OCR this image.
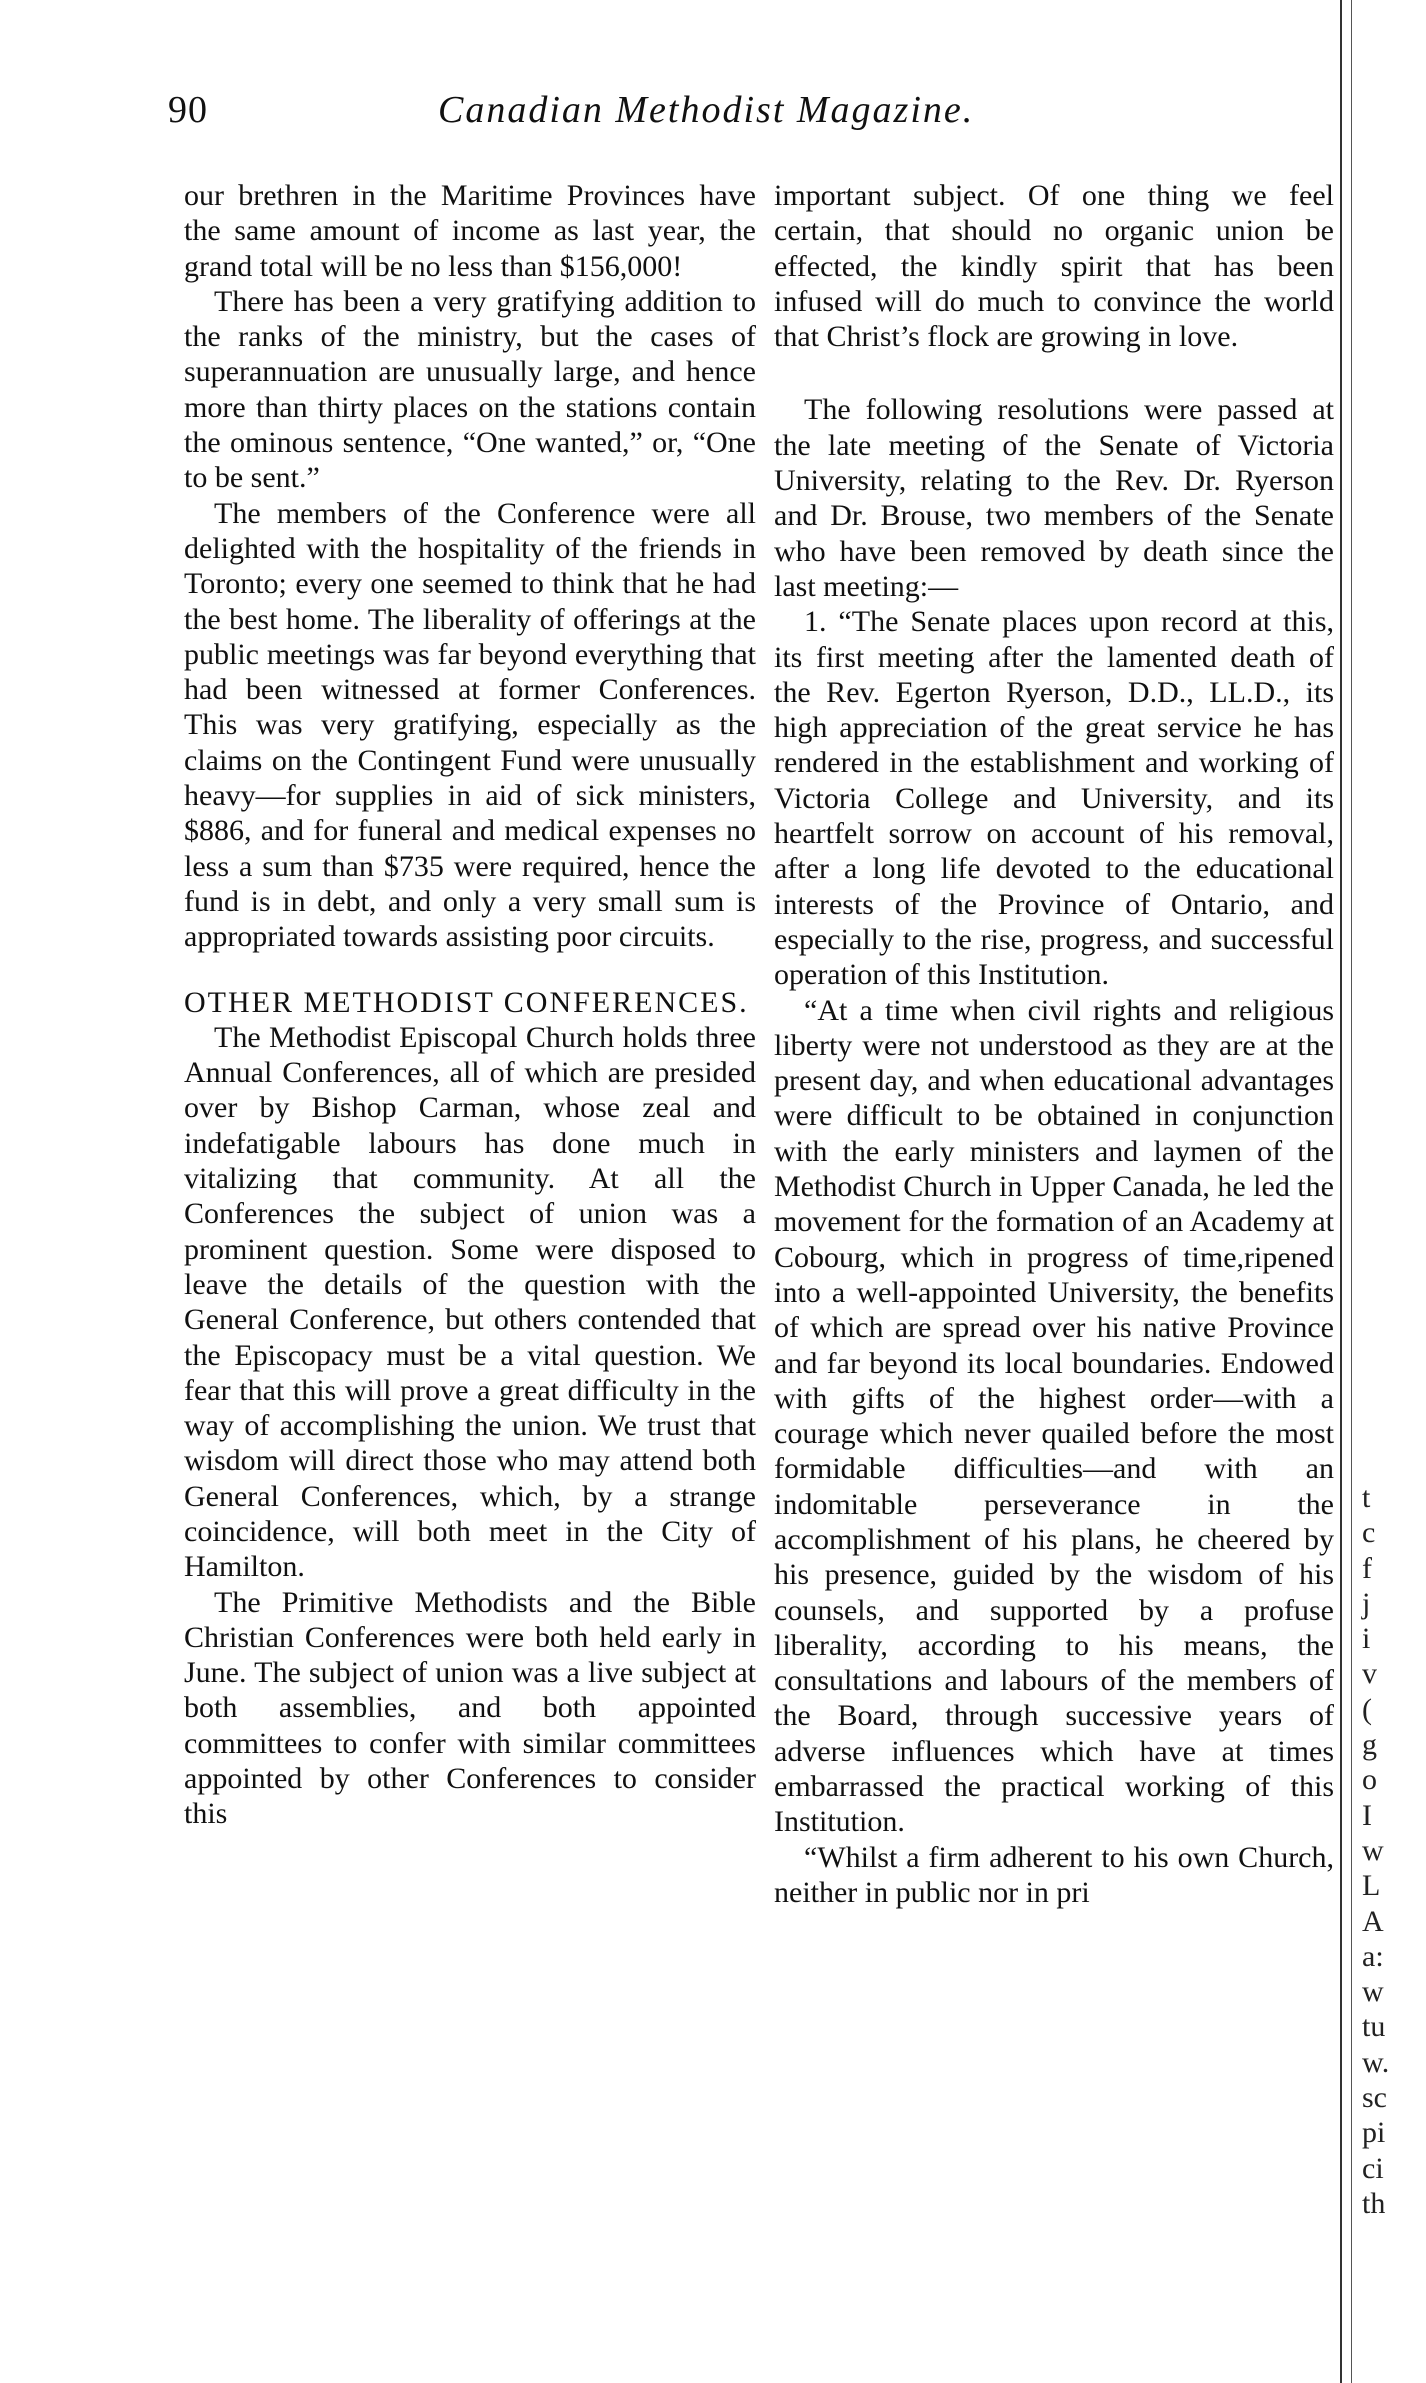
90	Canadian Methodist Magazine.

our brethren in the Maritime Provinces have the same amount of income as last year, the grand total will be no less than $156,000!

There has been a very gratifying addition to the ranks of the ministry, but the cases of superannuation are unusually large, and hence more than thirty places on the stations contain the ominous sentence, “One wanted,” or, “One to be sent.”

The members of the Conference were all delighted with the hospitality of the friends in Toronto; every one seemed to think that he had the best home. The liberality of offerings at the public meetings was far beyond everything that had been witnessed at former Conferences. This was very gratifying, especially as the claims on the Contingent Fund were unusually heavy—for supplies in aid of sick ministers, $886, and for funeral and medical expenses no less a sum than $735 were required, hence the fund is in debt, and only a very small sum is appropriated towards assisting poor circuits.

OTHER METHODIST CONFERENCES.

The Methodist Episcopal Church holds three Annual Conferences, all of which are presided over by Bishop Carman, whose zeal and indefatigable labours has done much in vitalizing that community. At all the Conferences the subject of union was a prominent question. Some were disposed to leave the details of the question with the General Conference, but others contended that the Episcopacy must be a vital question. We fear that this will prove a great difficulty in the way of accomplishing the union. We trust that wisdom will direct those who may attend both General Conferences, which, by a strange coincidence, will both meet in the City of Hamilton.

The Primitive Methodists and the Bible Christian Conferences were both held early in June. The subject of union was a live subject at both assemblies, and both appointed committees to confer with similar committees appointed by other Conferences to consider this

important subject. Of one thing we feel certain, that should no organic union be effected, the kindly spirit that has been infused will do much to convince the world that Christ’s flock are growing in love.

The following resolutions were passed at the late meeting of the Senate of Victoria University, relating to the Rev. Dr. Ryerson and Dr. Brouse, two members of the Senate who have been removed by death since the last meeting:—

1. “The Senate places upon record at this, its first meeting after the lamented death of the Rev. Egerton Ryerson, D.D., LL.D., its high appreciation of the great service he has rendered in the establishment and working of Victoria College and University, and its heartfelt sorrow on account of his removal, after a long life devoted to the educational interests of the Province of Ontario, and especially to the rise, progress, and successful operation of this Institution.

“At a time when civil rights and religious liberty were not understood as they are at the present day, and when educational advantages were difficult to be obtained in conjunction with the early ministers and laymen of the Methodist Church in Upper Canada, he led the movement for the formation of an Academy at Cobourg, which in progress of time,ripened into a well-appointed University, the benefits of which are spread over his native Province and far beyond its local boundaries. Endowed with gifts of the highest order—with a courage which never quailed before the most formidable difficulties—and with an indomitable perseverance in the accomplishment of his plans, he cheered by his presence, guided by the wisdom of his counsels, and supported by a profuse liberality, according to his means, the consultations and labours of the members of the Board, through successive years of adverse influences which have at times embarrassed the practical working of this Institution.

“Whilst a firm adherent to his own Church, neither in public nor in pri

t
c
f
j
i
v
(
g
o
I
w
L
A
a:
w
tu
w.
sc
pi
ci
th
